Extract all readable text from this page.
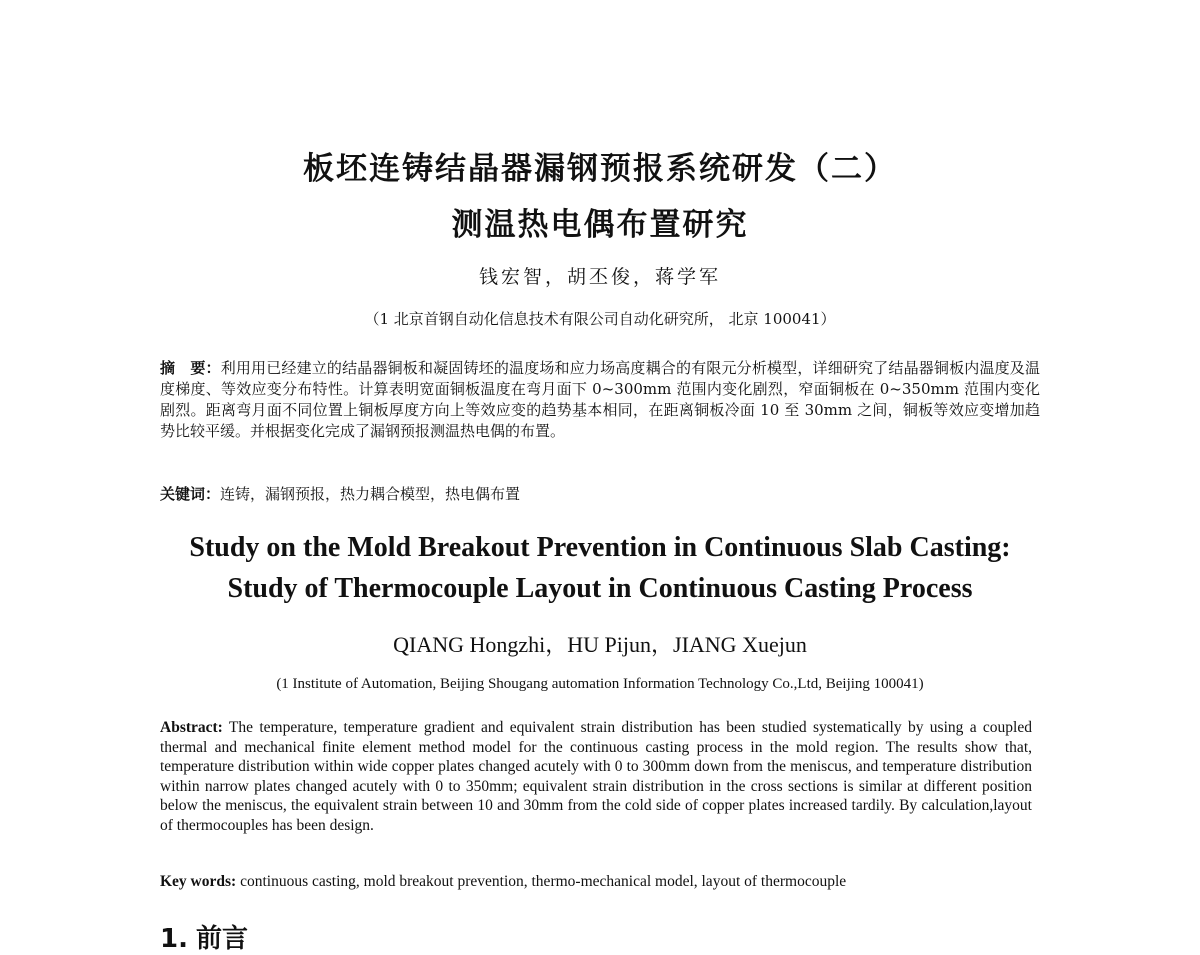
板坯连铸结晶器漏钢预报系统研发（二）
测温热电偶布置研究
钱宏智，胡丕俊，蒋学军
（1 北京首钢自动化信息技术有限公司自动化研究所， 北京 100041）
摘　要：利用用已经建立的结晶器铜板和凝固铸坯的温度场和应力场高度耦合的有限元分析模型，详细研究了结晶器铜板内温度及温度梯度、等效应变分布特性。计算表明宽面铜板温度在弯月面下 0~300mm 范围内变化剧烈，窄面铜板在 0~350mm 范围内变化剧烈。距离弯月面不同位置上铜板厚度方向上等效应变的趋势基本相同，在距离铜板冷面 10 至 30mm 之间，铜板等效应变增加趋势比较平缓。并根据变化完成了漏钢预报测温热电偶的布置。
关键词：连铸，漏钢预报，热力耦合模型，热电偶布置
Study on the Mold Breakout Prevention in Continuous Slab Casting:
Study of Thermocouple Layout in Continuous Casting Process
QIANG Hongzhi，HU Pijun，JIANG Xuejun
(1 Institute of Automation, Beijing Shougang automation Information Technology Co.,Ltd, Beijing 100041)
Abstract: The temperature, temperature gradient and equivalent strain distribution has been studied systematically by using a coupled thermal and mechanical finite element method model for the continuous casting process in the mold region. The results show that, temperature distribution within wide copper plates changed acutely with 0 to 300mm down from the meniscus, and temperature distribution within narrow plates changed acutely with 0 to 350mm; equivalent strain distribution in the cross sections is similar at different position below the meniscus, the equivalent strain between 10 and 30mm from the cold side of copper plates increased tardily. By calculation,layout of thermocouples has been design.
Key words: continuous casting, mold breakout prevention, thermo-mechanical model, layout of thermocouple
1. 前言
